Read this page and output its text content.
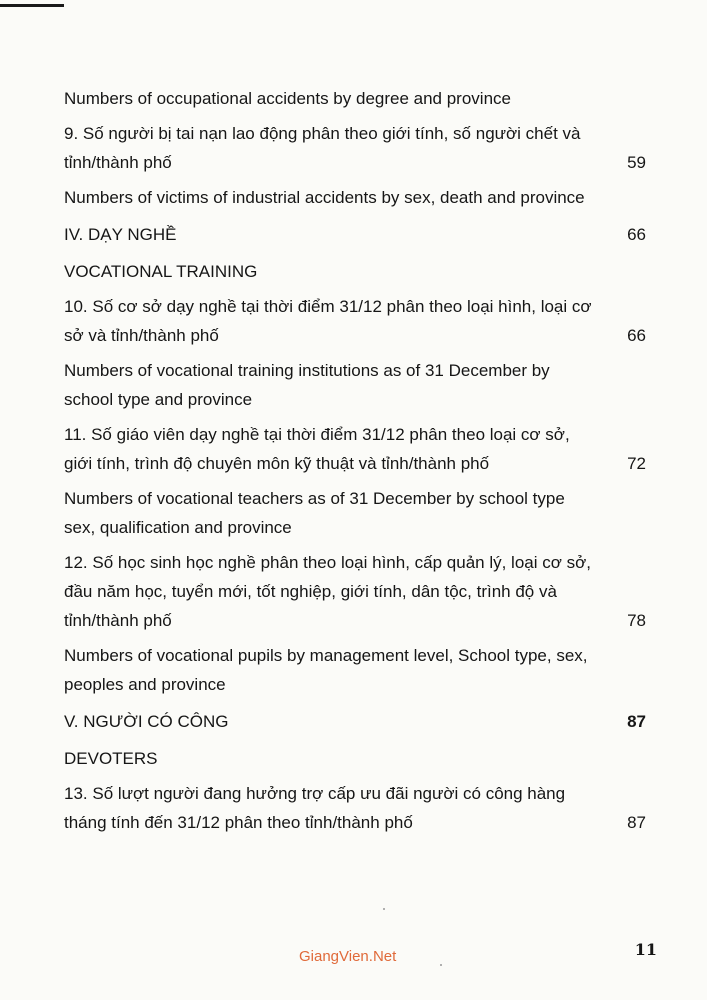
Numbers of occupational accidents by degree and province
9. Số người bị tai nạn lao động phân theo giới tính, số người chết và tỉnh/thành phố	59
Numbers of victims of industrial accidents by sex, death and province
IV. DẠY NGHỀ	66
VOCATIONAL TRAINING
10. Số cơ sở dạy nghề tại thời điểm 31/12 phân theo loại hình, loại cơ sở và tỉnh/thành phố	66
Numbers of vocational training institutions as of 31 December by school type and province
11. Số giáo viên dạy nghề tại thời điểm 31/12 phân theo loại cơ sở, giới tính, trình độ chuyên môn kỹ thuật và tỉnh/thành phố	72
Numbers of vocational teachers as of 31 December by school type sex, qualification and province
12. Số học sinh học nghề phân theo loại hình, cấp quản lý, loại cơ sở, đầu năm học, tuyển mới, tốt nghiệp, giới tính, dân tộc, trình độ và tỉnh/thành phố	78
Numbers of vocational pupils by management level, School type, sex, peoples and province
V. NGƯỜI CÓ CÔNG	87
DEVOTERS
13. Số lượt người đang hưởng trợ cấp ưu đãi người có công hàng tháng tính đến 31/12 phân theo tỉnh/thành phố	87
GiangVien.Net	11
